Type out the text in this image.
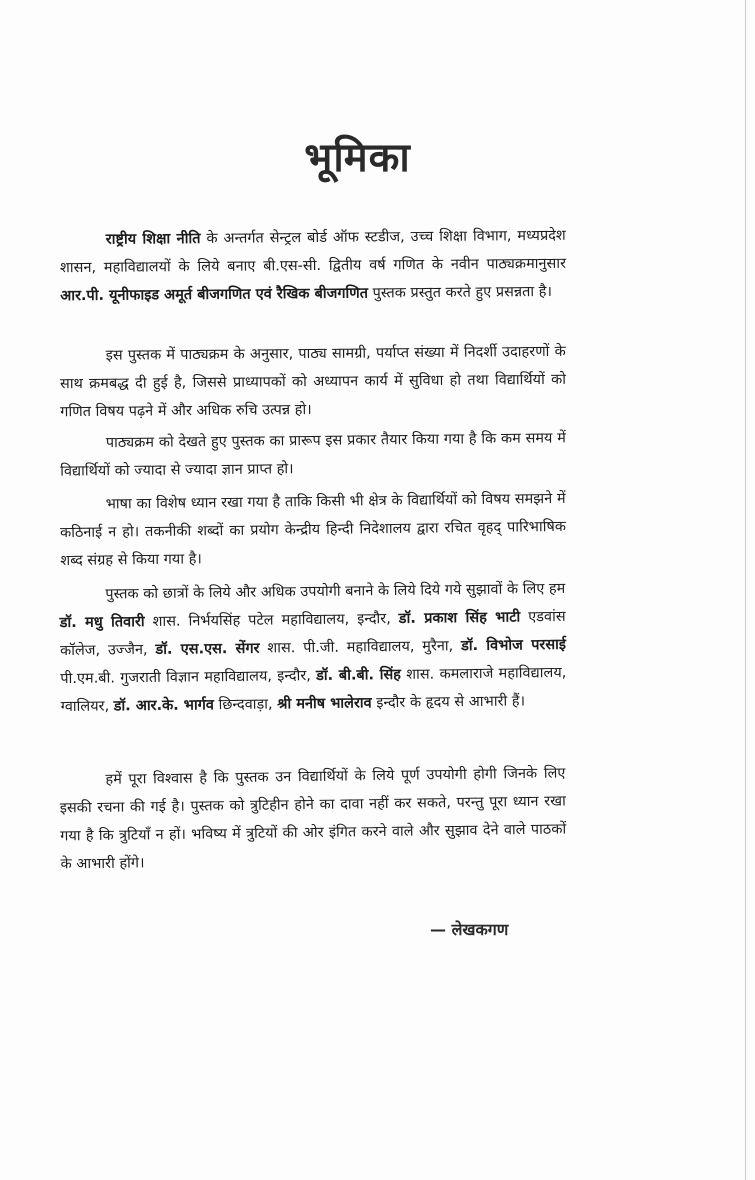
भूमिका

राष्ट्रीय शिक्षा नीति के अन्तर्गत सेन्ट्रल बोर्ड ऑफ स्टडीज, उच्च शिक्षा विभाग, मध्यप्रदेश शासन, महाविद्यालयों के लिये बनाए बी.एस-सी. द्वितीय वर्ष गणित के नवीन पाठ्यक्रमानुसार आर.पी. यूनीफाइड अमूर्त बीजगणित एवं रैखिक बीजगणित पुस्तक प्रस्तुत करते हुए प्रसन्नता है।

इस पुस्तक में पाठ्यक्रम के अनुसार, पाठ्य सामग्री, पर्याप्त संख्या में निदर्शी उदाहरणों के साथ क्रमबद्ध दी हुई है, जिससे प्राध्यापकों को अध्यापन कार्य में सुविधा हो तथा विद्यार्थियों को गणित विषय पढ़ने में और अधिक रुचि उत्पन्न हो।

पाठ्यक्रम को देखते हुए पुस्तक का प्रारूप इस प्रकार तैयार किया गया है कि कम समय में विद्यार्थियों को ज्यादा से ज्यादा ज्ञान प्राप्त हो।

भाषा का विशेष ध्यान रखा गया है ताकि किसी भी क्षेत्र के विद्यार्थियों को विषय समझने में कठिनाई न हो। तकनीकी शब्दों का प्रयोग केन्द्रीय हिन्दी निदेशालय द्वारा रचित वृहद् पारिभाषिक शब्द संग्रह से किया गया है।

पुस्तक को छात्रों के लिये और अधिक उपयोगी बनाने के लिये दिये गये सुझावों के लिए हम डॉ. मधु तिवारी शास. निर्भयसिंह पटेल महाविद्यालय, इन्दौर, डॉ. प्रकाश सिंह भाटी एडवांस कॉलेज, उज्जैन, डॉ. एस.एस. सेंगर शास. पी.जी. महाविद्यालय, मुरैना, डॉ. विभोज परसाई पी.एम.बी. गुजराती विज्ञान महाविद्यालय, इन्दौर, डॉ. बी.बी. सिंह शास. कमलाराजे महाविद्यालय, ग्वालियर, डॉ. आर.के. भार्गव छिन्दवाड़ा, श्री मनीष भालेराव इन्दौर के हृदय से आभारी हैं।

हमें पूरा विश्वास है कि पुस्तक उन विद्यार्थियों के लिये पूर्ण उपयोगी होगी जिनके लिए इसकी रचना की गई है। पुस्तक को त्रुटिहीन होने का दावा नहीं कर सकते, परन्तु पूरा ध्यान रखा गया है कि त्रुटियाँ न हों। भविष्य में त्रुटियों की ओर इंगित करने वाले और सुझाव देने वाले पाठकों के आभारी होंगे।

— लेखकगण
